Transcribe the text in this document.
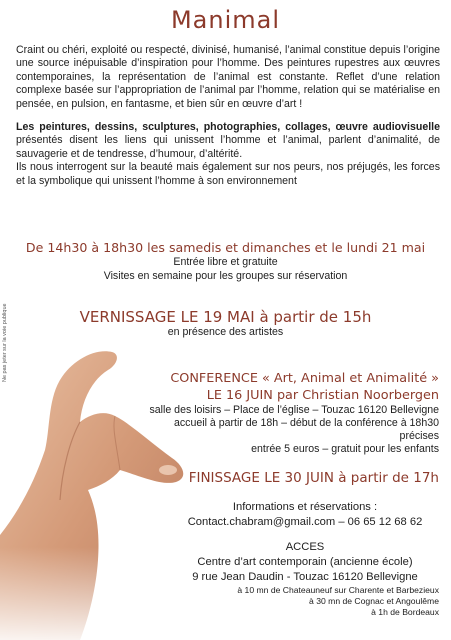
Manimal

Craint ou chéri, exploité ou respecté, divinisé, humanisé, l’animal constitue depuis l’origine une source inépuisable d’inspiration pour l’homme. Des peintures rupestres aux œuvres contemporaines, la représentation de l’animal est constante. Reflet d’une relation complexe basée sur l’appropriation de l’animal par l’homme, relation qui se matérialise en pensée, en pulsion, en fantasme, et bien sûr en œuvre d’art !

Les peintures, dessins, sculptures, photographies, collages, œuvre audiovisuelle présentés disent les liens qui unissent l’homme et l’animal, parlent d’animalité, de sauvagerie et de tendresse, d’humour, d’altérité.
Ils nous interrogent sur la beauté mais également sur nos peurs, nos préjugés, les forces et la symbolique qui unissent l’homme à son environnement

De 14h30 à 18h30 les samedis et dimanches et le lundi 21 mai
Entrée libre et gratuite
Visites en semaine pour les groupes sur réservation
Ne pas jeter sur la voie publique	VERNISSAGE LE 19 MAI à partir de 15h
en présence des artistes
CONFERENCE « Art, Animal et Animalité »
LE 16 JUIN par Christian Noorbergen
salle des loisirs – Place de l’église – Touzac 16120 Bellevigne
accueil à partir de 18h – début de la conférence à 18h30 précises
entrée 5 euros – gratuit pour les enfants
FINISSAGE LE 30 JUIN à partir de 17h
Informations et réservations :
Contact.chabram@gmail.com – 06 65 12 68 62
ACCES
Centre d’art contemporain (ancienne école)
9 rue Jean Daudin - Touzac 16120 Bellevigne
à 10 mn de Chateauneuf sur Charente et Barbezieux
à 30 mn de Cognac et Angoulême
à 1h de Bordeaux
